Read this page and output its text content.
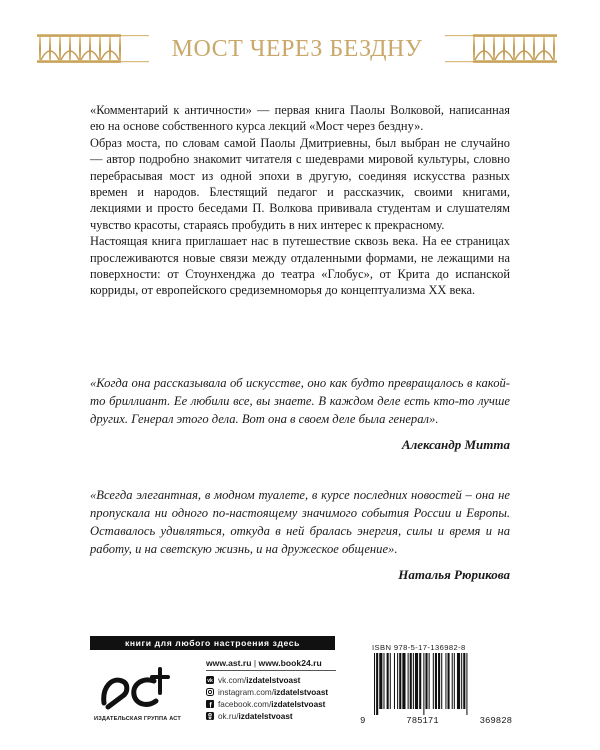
МОСТ ЧЕРЕЗ БЕЗДНУ

«Комментарий к античности» — первая книга Паолы Волковой, написанная ею на основе собственного курса лекций «Мост через бездну».

Образ моста, по словам самой Паолы Дмитриевны, был выбран не случайно — автор подробно знакомит читателя с шедеврами мировой культуры, словно перебрасывая мост из одной эпохи в другую, соединяя искусства разных времен и народов. Блестящий педагог и рассказчик, своими книгами, лекциями и просто беседами П. Волкова прививала студентам и слушателям чувство красоты, стараясь пробудить в них интерес к прекрасному.

Настоящая книга приглашает нас в путешествие сквозь века. На ее страницах прослеживаются новые связи между отдаленными формами, не лежащими на поверхности: от Стоунхенджа до театра «Глобус», от Крита до испанской корриды, от европейского средиземноморья до концептуализма XX века.

«Когда она рассказывала об искусстве, оно как будто превращалось в какой-то бриллиант. Ее любили все, вы знаете. В каждом деле есть кто-то лучше других. Генерал этого дела. Вот она в своем деле была генерал».

Александр Митта

«Всегда элегантная, в модном туалете, в курсе последних новостей – она не пропускала ни одного по-настоящему значимого события России и Европы. Оставалось удивляться, откуда в ней бралась энергия, силы и время и на работу, и на светскую жизнь, и на дружеское общение».

Наталья Рюрикова

книги для любого настроения здесь
ИЗДАТЕЛЬСКАЯ ГРУППА АСТ
www.ast.ru | www.book24.ru
vk vk.com/ izdatelstvoast
instagram.com/ izdatelstvoast
f facebook.com/ izdatelstvoast
ok.ru/ izdatelstvoast
ISBN 978-5-17-136982-8
9	785171	369828
